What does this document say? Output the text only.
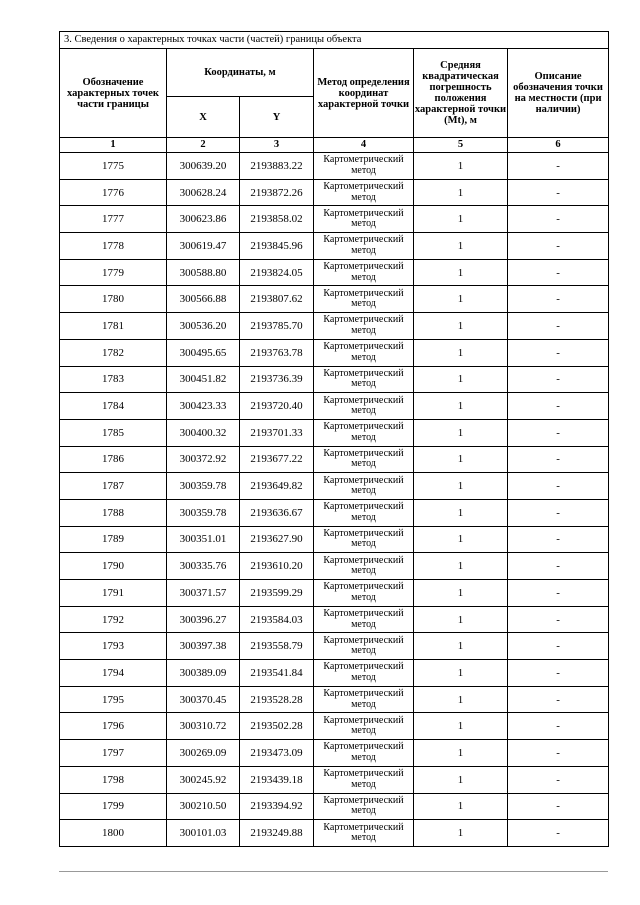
3. Сведения о характерных точках части (частей) границы объекта					
Обозначение характерных точек части границы	Координаты, м		Метод определения координат характерной точки	Средняя квадратическая погрешность положения характерной точки (Mt), м	Описание обозначения точки на местности (при наличии)
	X	Y			
1	2	3	4	5	6
1775	300639.20	2193883.22	Картометрический метод	1	-
1776	300628.24	2193872.26	Картометрический метод	1	-
1777	300623.86	2193858.02	Картометрический метод	1	-
1778	300619.47	2193845.96	Картометрический метод	1	-
1779	300588.80	2193824.05	Картометрический метод	1	-
1780	300566.88	2193807.62	Картометрический метод	1	-
1781	300536.20	2193785.70	Картометрический метод	1	-
1782	300495.65	2193763.78	Картометрический метод	1	-
1783	300451.82	2193736.39	Картометрический метод	1	-
1784	300423.33	2193720.40	Картометрический метод	1	-
1785	300400.32	2193701.33	Картометрический метод	1	-
1786	300372.92	2193677.22	Картометрический метод	1	-
1787	300359.78	2193649.82	Картометрический метод	1	-
1788	300359.78	2193636.67	Картометрический метод	1	-
1789	300351.01	2193627.90	Картометрический метод	1	-
1790	300335.76	2193610.20	Картометрический метод	1	-
1791	300371.57	2193599.29	Картометрический метод	1	-
1792	300396.27	2193584.03	Картометрический метод	1	-
1793	300397.38	2193558.79	Картометрический метод	1	-
1794	300389.09	2193541.84	Картометрический метод	1	-
1795	300370.45	2193528.28	Картометрический метод	1	-
1796	300310.72	2193502.28	Картометрический метод	1	-
1797	300269.09	2193473.09	Картометрический метод	1	-
1798	300245.92	2193439.18	Картометрический метод	1	-
1799	300210.50	2193394.92	Картометрический метод	1	-
1800	300101.03	2193249.88	Картометрический метод	1	-
